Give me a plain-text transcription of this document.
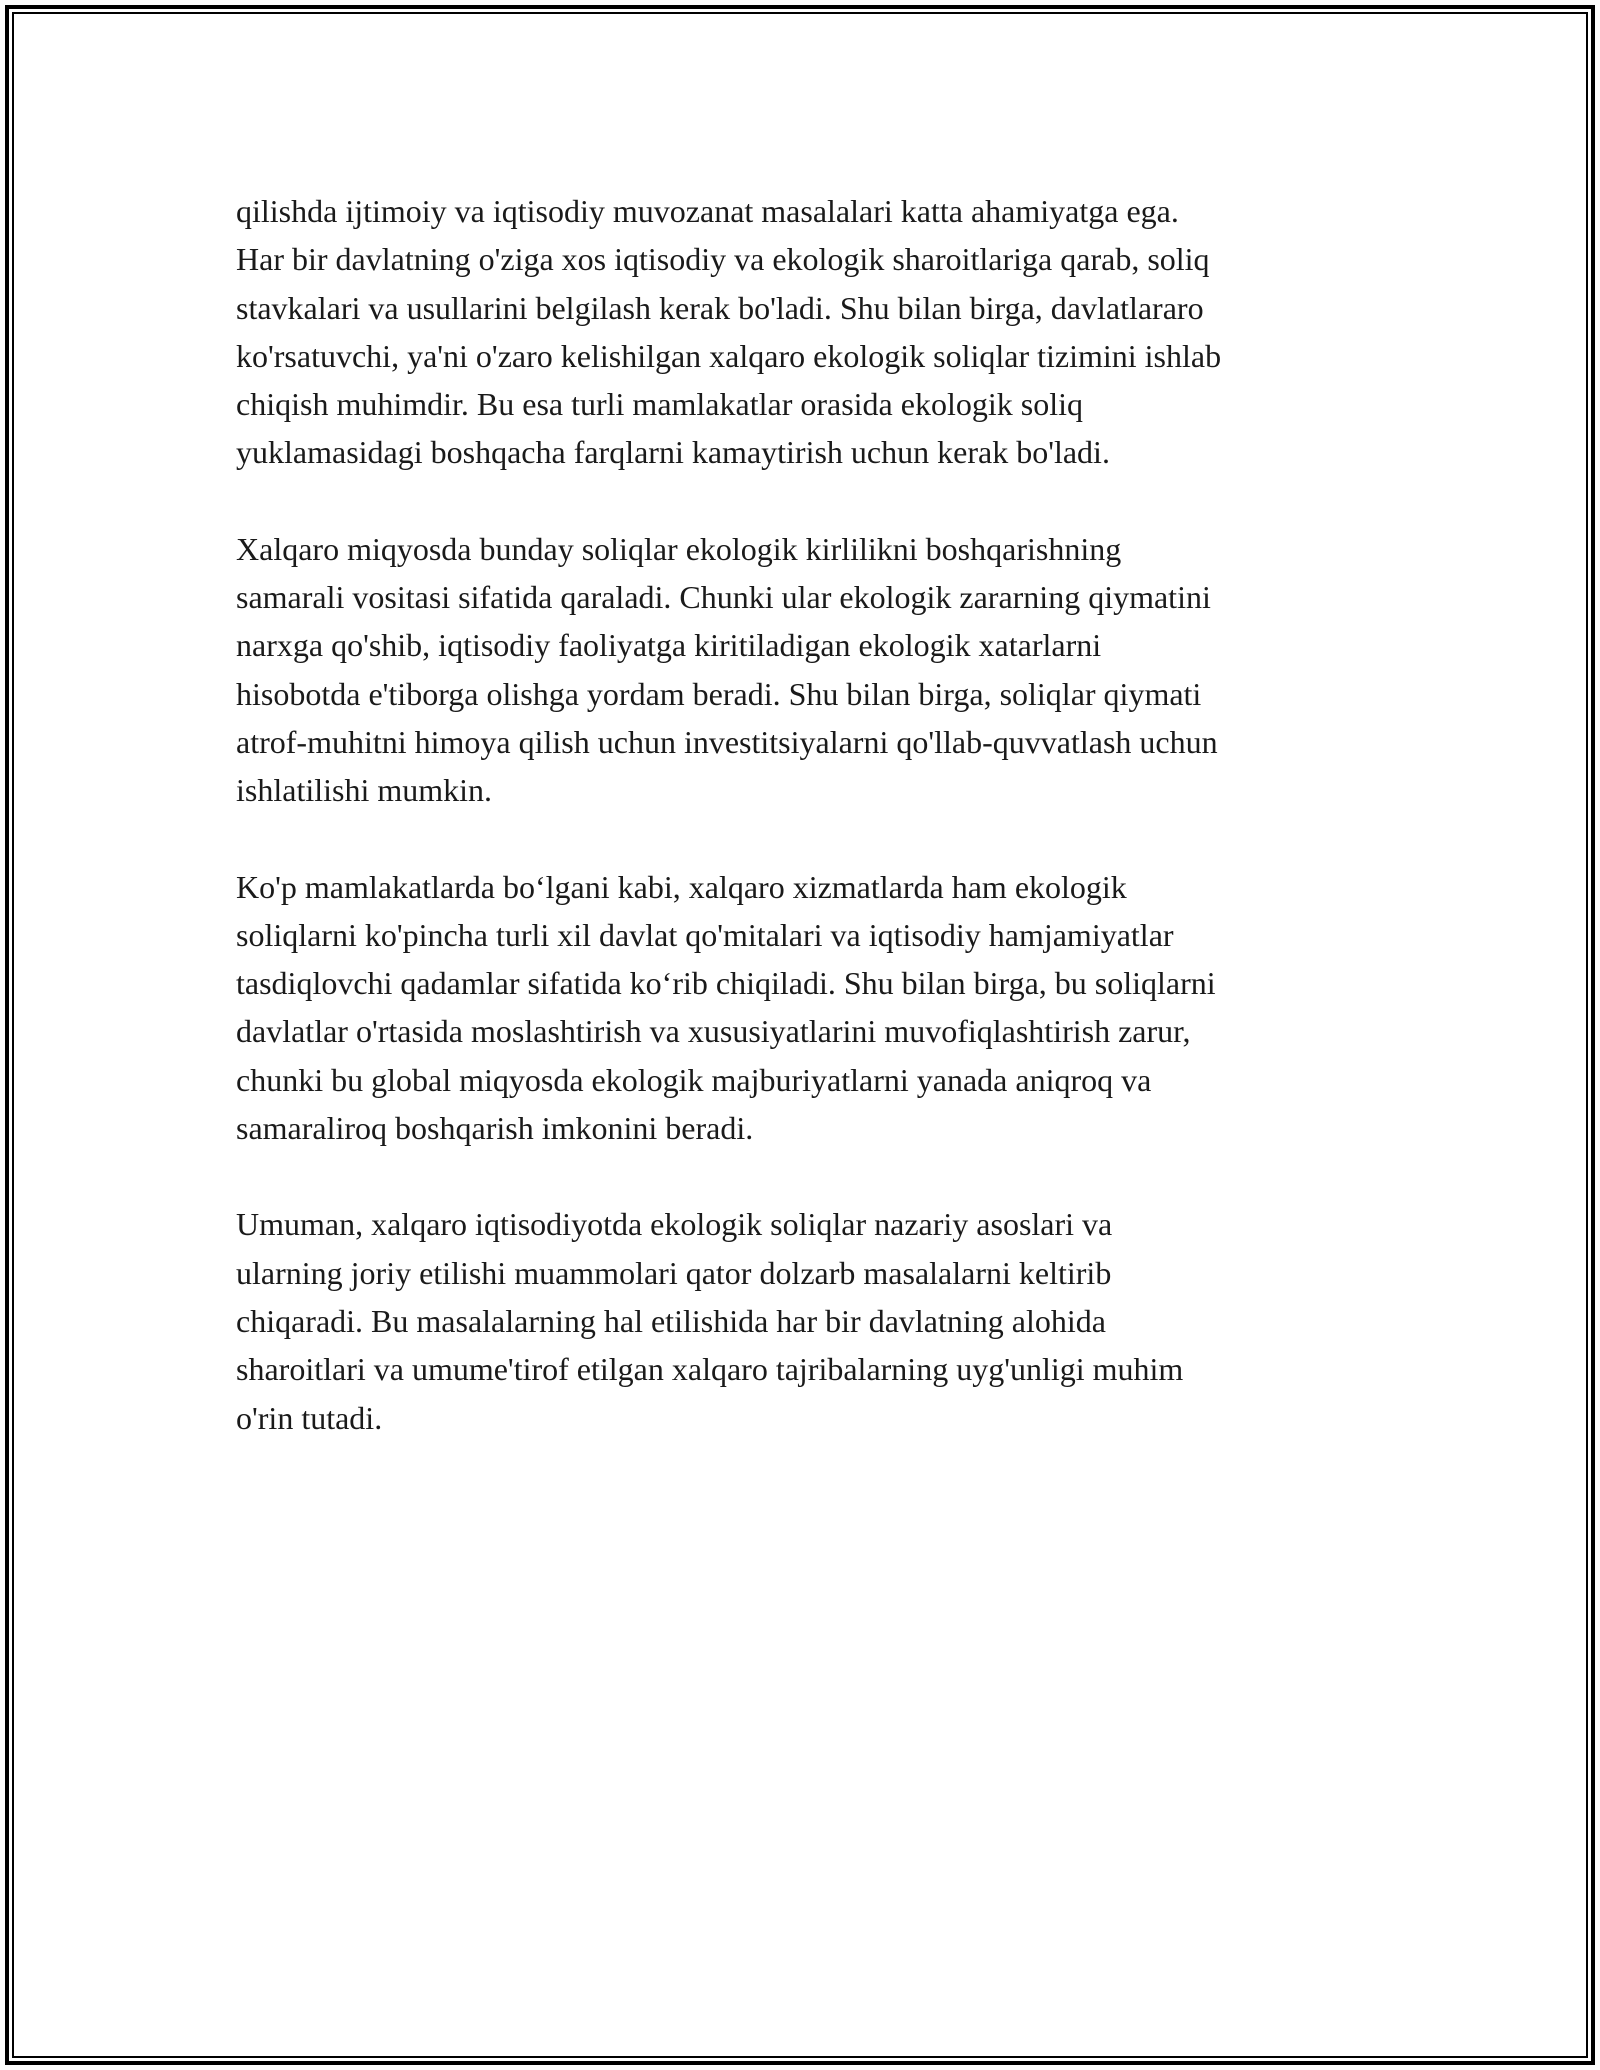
qilishda ijtimoiy va iqtisodiy muvozanat masalalari katta ahamiyatga ega.
Har bir davlatning o'ziga xos iqtisodiy va ekologik sharoitlariga qarab, soliq
stavkalari va usullarini belgilash kerak bo'ladi. Shu bilan birga, davlatlararo
ko'rsatuvchi, ya'ni o'zaro kelishilgan xalqaro ekologik soliqlar tizimini ishlab
chiqish muhimdir. Bu esa turli mamlakatlar orasida ekologik soliq
yuklamasidagi boshqacha farqlarni kamaytirish uchun kerak bo'ladi.

Xalqaro miqyosda bunday soliqlar ekologik kirlilikni boshqarishning
samarali vositasi sifatida qaraladi. Chunki ular ekologik zararning qiymatini
narxga qo'shib, iqtisodiy faoliyatga kiritiladigan ekologik xatarlarni
hisobotda e'tiborga olishga yordam beradi. Shu bilan birga, soliqlar qiymati
atrof-muhitni himoya qilish uchun investitsiyalarni qo'llab-quvvatlash uchun
ishlatilishi mumkin.

Ko'p mamlakatlarda bo‘lgani kabi, xalqaro xizmatlarda ham ekologik
soliqlarni ko'pincha turli xil davlat qo'mitalari va iqtisodiy hamjamiyatlar
tasdiqlovchi qadamlar sifatida ko‘rib chiqiladi. Shu bilan birga, bu soliqlarni
davlatlar o'rtasida moslashtirish va xususiyatlarini muvofiqlashtirish zarur,
chunki bu global miqyosda ekologik majburiyatlarni yanada aniqroq va
samaraliroq boshqarish imkonini beradi.

Umuman, xalqaro iqtisodiyotda ekologik soliqlar nazariy asoslari va
ularning joriy etilishi muammolari qator dolzarb masalalarni keltirib
chiqaradi. Bu masalalarning hal etilishida har bir davlatning alohida
sharoitlari va umume'tirof etilgan xalqaro tajribalarning uyg'unligi muhim
o'rin tutadi.
